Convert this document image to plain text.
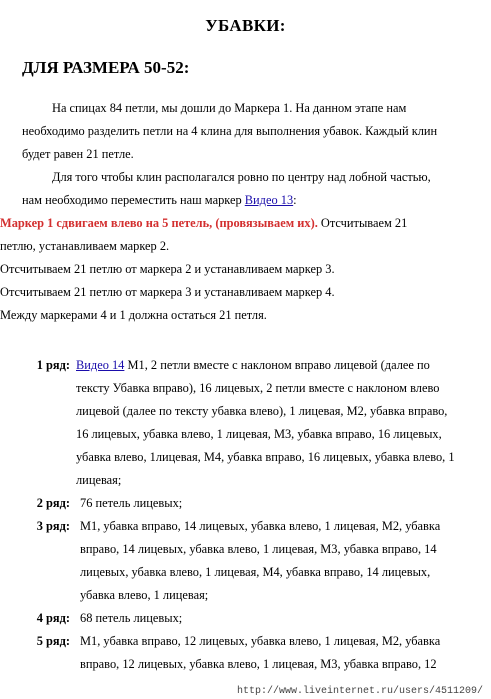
УБАВКИ:
ДЛЯ РАЗМЕРА 50-52:
На спицах 84 петли, мы дошли до Маркера 1. На данном этапе нам
необходимо разделить петли на 4 клина для выполнения убавок. Каждый клин
будет равен 21 петле.
Для того чтобы клин располагался ровно по центру над лобной частью,
нам необходимо переместить наш маркер Видео 13:
Маркер 1 сдвигаем влево на 5 петель, (провязываем их). Отсчитываем 21
петлю, устанавливаем маркер 2.
Отсчитываем 21 петлю от маркера 2 и устанавливаем маркер 3.
Отсчитываем 21 петлю от маркера 3 и устанавливаем маркер 4.
Между маркерами 4 и 1 должна остаться 21 петля.
1 ряд: Видео 14 М1, 2 петли вместе с наклоном вправо лицевой (далее по
тексту Убавка вправо), 16 лицевых, 2 петли вместе с наклоном влево
лицевой (далее по тексту убавка влево), 1 лицевая, М2, убавка вправо,
16 лицевых, убавка влево, 1 лицевая, М3, убавка вправо, 16 лицевых,
убавка влево, 1лицевая, М4, убавка вправо, 16 лицевых, убавка влево, 1
лицевая;
2 ряд: 76 петель лицевых;
3 ряд: М1, убавка вправо, 14 лицевых, убавка влево, 1 лицевая, М2, убавка
вправо, 14 лицевых, убавка влево, 1 лицевая, М3, убавка вправо, 14
лицевых, убавка влево, 1 лицевая, М4, убавка вправо, 14 лицевых,
убавка влево, 1 лицевая;
4 ряд: 68 петель лицевых;
5 ряд: М1, убавка вправо, 12 лицевых, убавка влево, 1 лицевая, М2, убавка
вправо, 12 лицевых, убавка влево, 1 лицевая, М3, убавка вправо, 12
http://www.liveinternet.ru/users/4511209/
